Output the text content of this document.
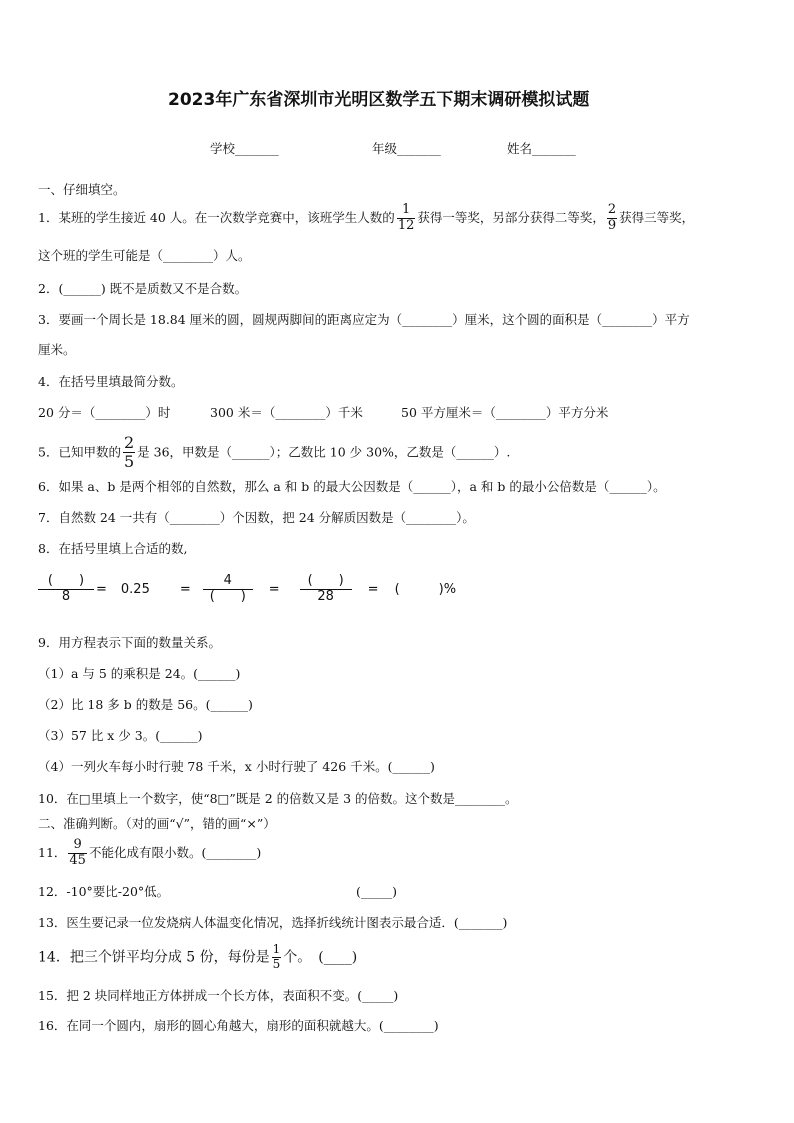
2023年广东省深圳市光明区数学五下期末调研模拟试题
学校_______	年级_______	姓名_______
一、仔细填空。
1．某班的学生接近 40 人。在一次数学竞赛中，该班学生人数的 $\frac{1}{12}$ 获得一等奖，另部分获得二等奖， $\frac{2}{9}$ 获得三等奖，
这个班的学生可能是（________）人。
2．(______) 既不是质数又不是合数。
3．要画一个周长是 18.84 厘米的圆，圆规两脚间的距离应定为（________）厘米，这个圆的面积是（________）平方
厘米。
4．在括号里填最简分数。
20 分＝（________）时	300 米＝（________）千米	50 平方厘米＝（________）平方分米
5．已知甲数的 $\frac{2}{5}$ 是 36，甲数是（______）；乙数比 10 少 30%，乙数是（______）.
6．如果 a、b 是两个相邻的自然数，那么 a 和 b 的最大公因数是（______），a 和 b 的最小公倍数是（______）。
7．自然数 24 一共有（________）个因数，把 24 分解质因数是（________）。
8．在括号里填上合适的数,
$\frac{( )}{8} = 0.25 = \frac{4}{( )} = \frac{( )}{28}$ = (　　　)%
9．用方程表示下面的数量关系。
（1）a 与 5 的乘积是 24。(______)
（2）比 18 多 b 的数是 56。(______)
（3）57 比 x 少 3。(______)
（4）一列火车每小时行驶 78 千米，x 小时行驶了 426 千米。(______)
10．在□里填上一个数字，使“8□”既是 2 的倍数又是 3 的倍数。这个数是________。
二、准确判断。（对的画“√”，错的画“×”）
11． $\frac{9}{45}$ 不能化成有限小数。(________)
12．-10°要比-20°低。	(_____)
13．医生要记录一位发烧病人体温变化情况，选择折线统计图表示最合适．(_______)
14．把三个饼平均分成 5 份，每份是 $\frac{1}{5}$ 个。　(____)
15．把 2 块同样地正方体拼成一个长方体，表面积不变。(_____)
16．在同一个圆内，扇形的圆心角越大，扇形的面积就越大。(________)
